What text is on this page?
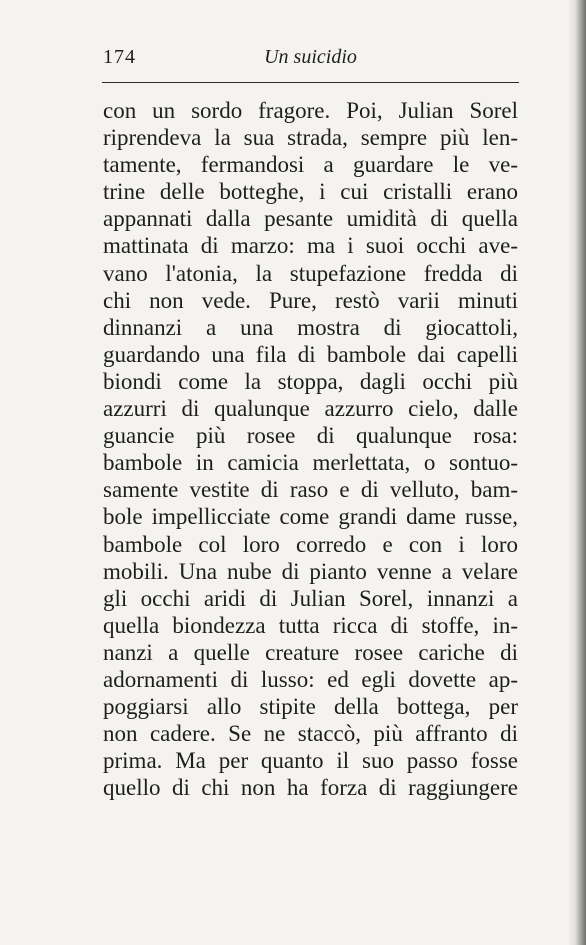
174	Un suicidio
con un sordo fragore. Poi, Julian Sorel
riprendeva la sua strada, sempre più len-
tamente, fermandosi a guardare le ve-
trine delle botteghe, i cui cristalli erano
appannati dalla pesante umidità di quella
mattinata di marzo: ma i suoi occhi ave-
vano l'atonia, la stupefazione fredda di
chi non vede. Pure, restò varii minuti
dinnanzi a una mostra di giocattoli,
guardando una fila di bambole dai capelli
biondi come la stoppa, dagli occhi più
azzurri di qualunque azzurro cielo, dalle
guancie più rosee di qualunque rosa:
bambole in camicia merlettata, o sontuo-
samente vestite di raso e di velluto, bam-
bole impellicciate come grandi dame russe,
bambole col loro corredo e con i loro
mobili. Una nube di pianto venne a velare
gli occhi aridi di Julian Sorel, innanzi a
quella biondezza tutta ricca di stoffe, in-
nanzi a quelle creature rosee cariche di
adornamenti di lusso: ed egli dovette ap-
poggiarsi allo stipite della bottega, per
non cadere. Se ne staccò, più affranto di
prima. Ma per quanto il suo passo fosse
quello di chi non ha forza di raggiungere
